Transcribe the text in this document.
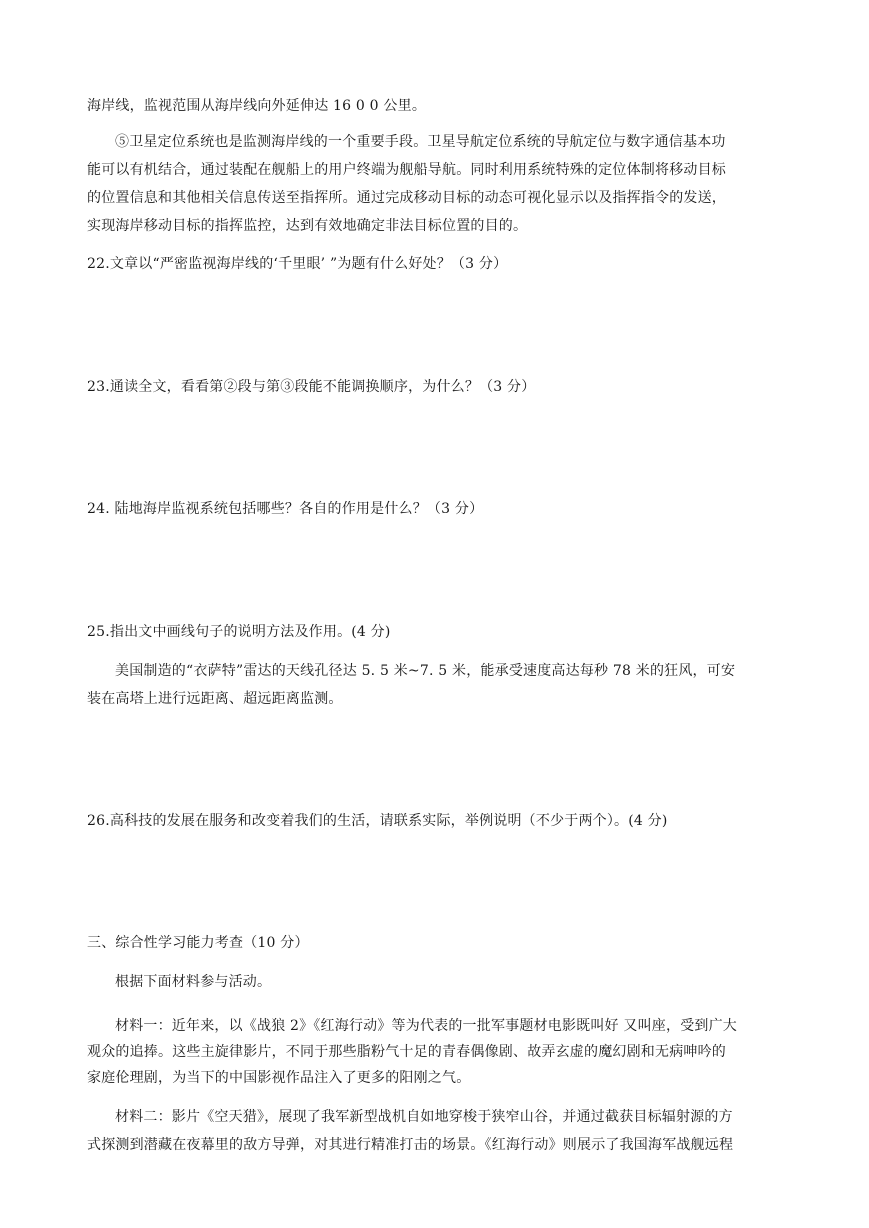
海岸线，监视范围从海岸线向外延伸达 16 0 0 公里。
⑤卫星定位系统也是监测海岸线的一个重要手段。卫星导航定位系统的导航定位与数字通信基本功
能可以有机结合，通过装配在舰船上的用户终端为舰船导航。同时利用系统特殊的定位体制将移动目标
的位置信息和其他相关信息传送至指挥所。通过完成移动目标的动态可视化显示以及指挥指令的发送，
实现海岸移动目标的指挥监控，达到有效地确定非法目标位置的目的。
22.文章以“严密监视海岸线的‘千里眼’ ”为题有什么好处？（3 分）
23.通读全文，看看第②段与第③段能不能调换顺序，为什么？（3 分）
24. 陆地海岸监视系统包括哪些？各自的作用是什么？（3 分）
25.指出文中画线句子的说明方法及作用。(4 分)
美国制造的“衣萨特”雷达的天线孔径达 5. 5 米~7. 5 米，能承受速度高达每秒 78 米的狂风，可安
装在高塔上进行远距离、超远距离监测。
26.高科技的发展在服务和改变着我们的生活，请联系实际，举例说明（不少于两个）。(4 分)
三、综合性学习能力考查（10 分）
根据下面材料参与活动。
材料一：近年来，以《战狼 2》《红海行动》等为代表的一批军事题材电影既叫好 又叫座，受到广大
观众的追捧。这些主旋律影片，不同于那些脂粉气十足的青春偶像剧、故弄玄虚的魔幻剧和无病呻吟的
家庭伦理剧，为当下的中国影视作品注入了更多的阳刚之气。
材料二：影片《空天猎》，展现了我军新型战机自如地穿梭于狭窄山谷，并通过截获目标辐射源的方
式探测到潜藏在夜幕里的敌方导弹，对其进行精准打击的场景。《红海行动》则展示了我国海军战舰远程
